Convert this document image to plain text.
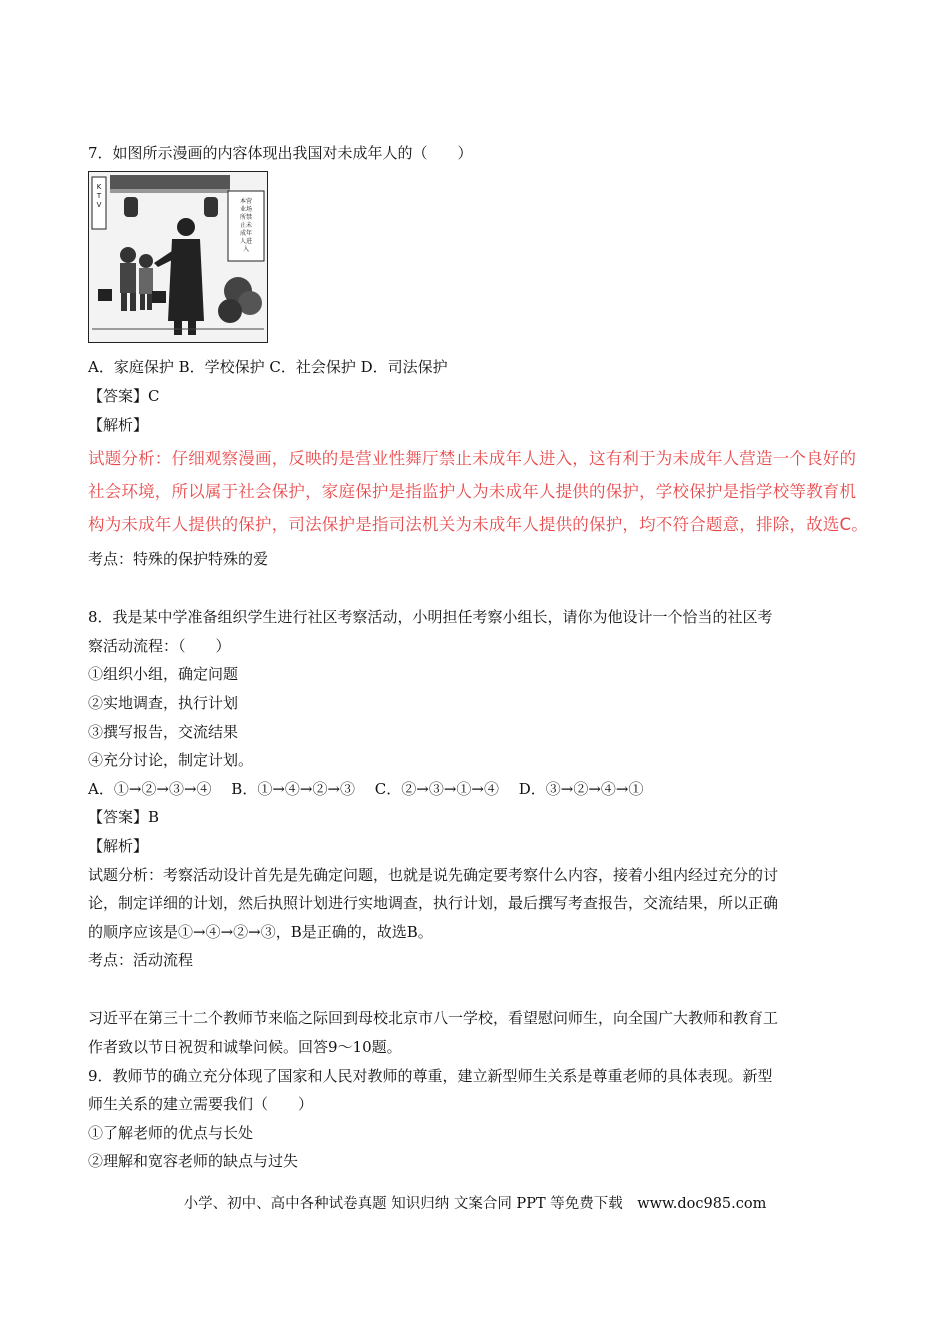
7．如图所示漫画的内容体现出我国对未成年人的（　　）
K T V	本营
业场
所禁
止未
成年
人进
入
A．家庭保护 B．学校保护 C．社会保护 D．司法保护
【答案】C
【解析】
试题分析：仔细观察漫画，反映的是营业性舞厅禁止未成年人进入，这有利于为未成年人营造一个良好的
社会环境，所以属于社会保护，家庭保护是指监护人为未成年人提供的保护，学校保护是指学校等教育机
构为未成年人提供的保护，司法保护是指司法机关为未成年人提供的保护，均不符合题意，排除，故选C。
考点：特殊的保护特殊的爱
8．我是某中学准备组织学生进行社区考察活动，小明担任考察小组长，请你为他设计一个恰当的社区考
察活动流程：（　　）
①组织小组，确定问题
②实地调查，执行计划
③撰写报告，交流结果
④充分讨论，制定计划。
A．①→②→③→④　 B．①→④→②→③　 C．②→③→①→④　 D．③→②→④→①
【答案】B
【解析】
试题分析：考察活动设计首先是先确定问题，也就是说先确定要考察什么内容，接着小组内经过充分的讨
论，制定详细的计划，然后执照计划进行实地调查，执行计划，最后撰写考查报告，交流结果，所以正确
的顺序应该是①→④→②→③，B是正确的，故选B。
考点：活动流程
习近平在第三十二个教师节来临之际回到母校北京市八一学校，看望慰问师生，向全国广大教师和教育工
作者致以节日祝贺和诚挚问候。回答9～10题。
9．教师节的确立充分体现了国家和人民对教师的尊重，建立新型师生关系是尊重老师的具体表现。新型
师生关系的建立需要我们（　　）
①了解老师的优点与长处
②理解和宽容老师的缺点与过失
小学、初中、高中各种试卷真题 知识归纳 文案合同 PPT 等免费下载　www.doc985.com
